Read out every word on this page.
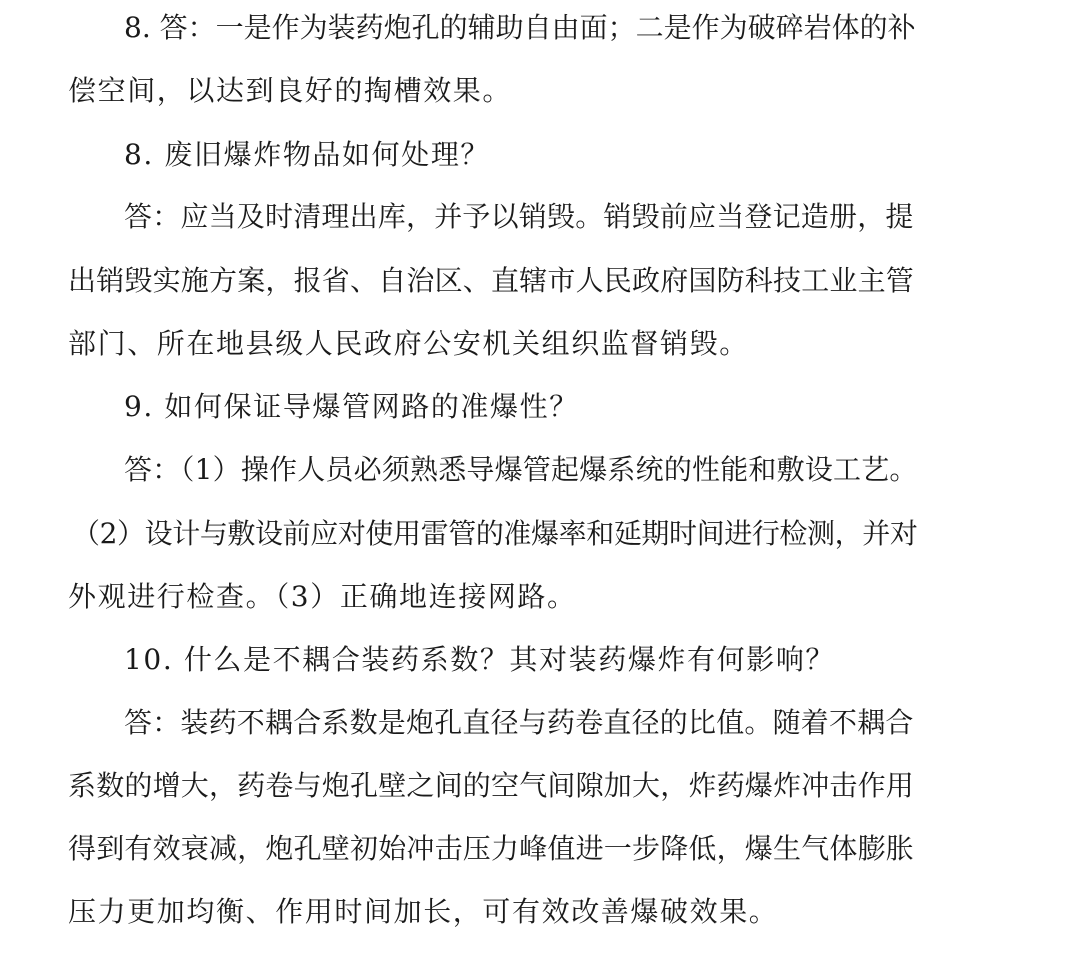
8. 答：一是作为装药炮孔的辅助自由面；二是作为破碎岩体的补
偿空间，以达到良好的掏槽效果。
8. 废旧爆炸物品如何处理？
答：应当及时清理出库，并予以销毁。销毁前应当登记造册，提
出销毁实施方案，报省、自治区、直辖市人民政府国防科技工业主管
部门、所在地县级人民政府公安机关组织监督销毁。
9. 如何保证导爆管网路的准爆性？
答：（1）操作人员必须熟悉导爆管起爆系统的性能和敷设工艺。
（2）设计与敷设前应对使用雷管的准爆率和延期时间进行检测，并对
外观进行检查。（3）正确地连接网路。
10. 什么是不耦合装药系数？其对装药爆炸有何影响？
答：装药不耦合系数是炮孔直径与药卷直径的比值。随着不耦合
系数的增大，药卷与炮孔壁之间的空气间隙加大，炸药爆炸冲击作用
得到有效衰减，炮孔壁初始冲击压力峰值进一步降低，爆生气体膨胀
压力更加均衡、作用时间加长，可有效改善爆破效果。
